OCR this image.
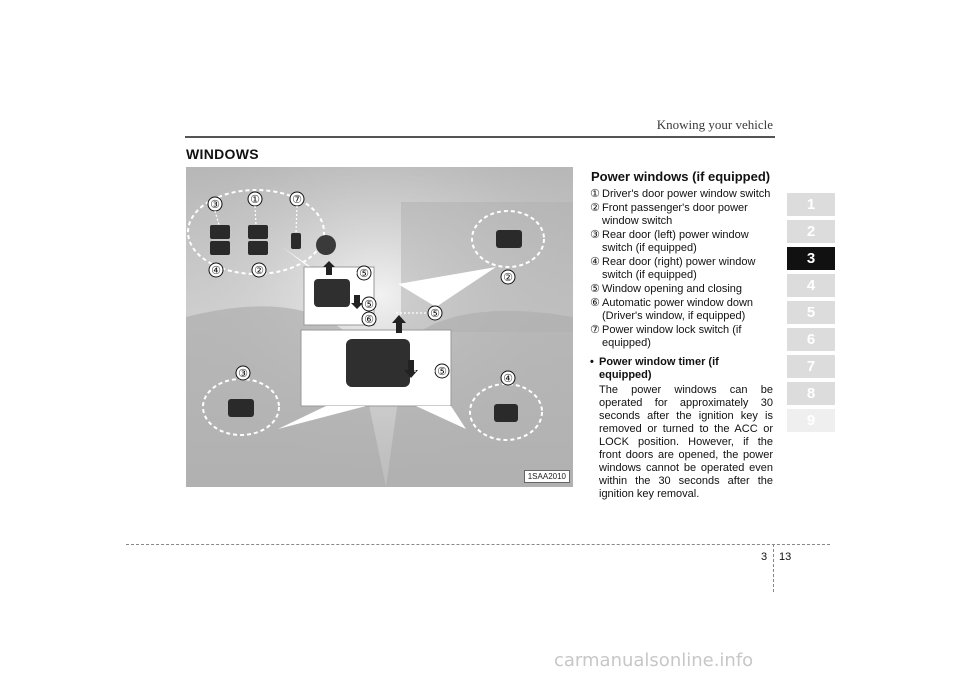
Knowing your vehicle
WINDOWS
③	①	⑦
④	②	⑤
⑤
⑥
②
⑤
⑤
③	④
1SAA2010
Power windows (if equipped)
① Driver's door power window switch
② Front passenger's door power window switch
③ Rear door (left) power window switch (if equipped)
④ Rear door (right) power window switch (if equipped)
⑤ Window opening and closing
⑥ Automatic power window down (Driver's window, if equipped)
⑦ Power window lock switch (if equipped)
• Power window timer (if equipped)
The power windows can be operated for approximately 30 seconds after the ignition key is removed or turned to the ACC or LOCK position. However, if the front doors are opened, the power windows cannot be operated even within the 30 seconds after the ignition key removal.
1
2
3
4
5
6
7
8
9
3 13
carmanualsonline.info
